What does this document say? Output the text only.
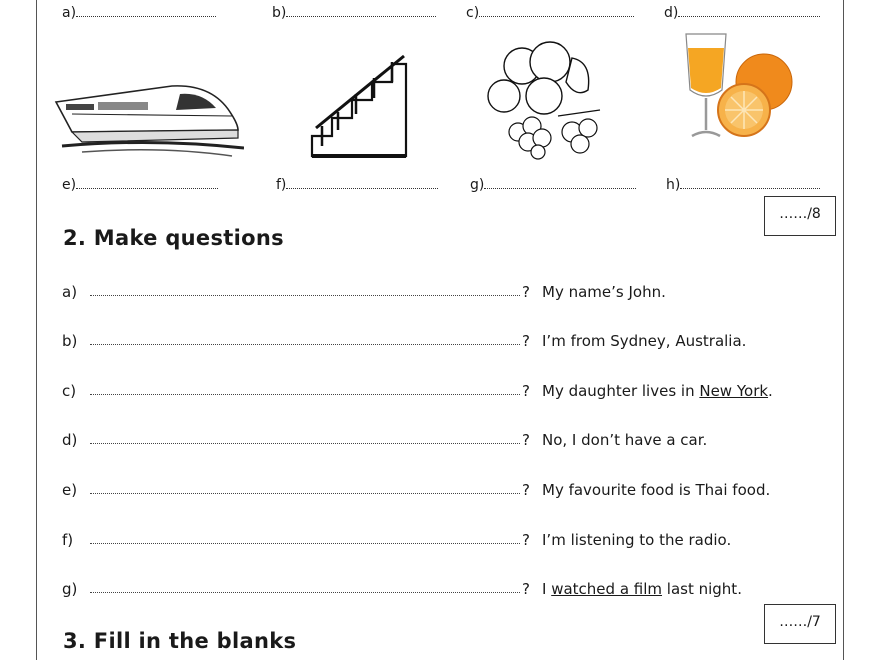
a)	b)	c)	d)
e)	f)	g)	h)
……/8
2. Make questions
a)	? My name’s John.
b)	? I’m from Sydney, Australia.
c)	? My daughter lives in New York.
d)	? No, I don’t have a car.
e)	? My favourite food is Thai food.
f)	? I’m listening to the radio.
g)	? I watched a film last night.
……/7
3. Fill in the blanks
